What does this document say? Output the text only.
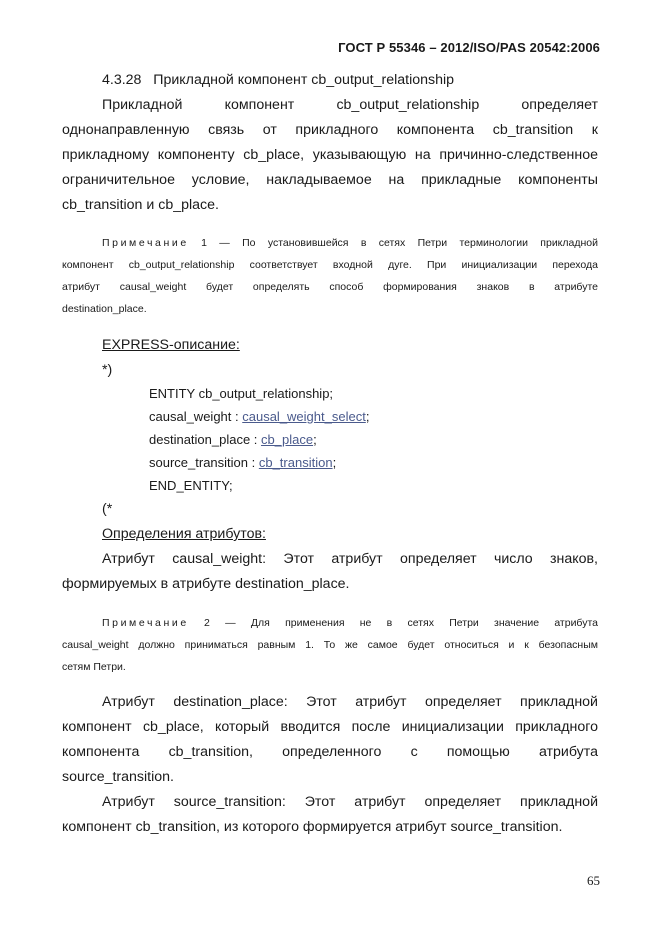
ГОСТ Р 55346 – 2012/ISO/PAS 20542:2006
4.3.28 Прикладной компонент cb_output_relationship
Прикладной компонент cb_output_relationship определяет
однонаправленную связь от прикладного компонента cb_transition к
прикладному компоненту cb_place, указывающую на причинно-следственное
ограничительное условие, накладываемое на прикладные компоненты
cb_transition и cb_place.
Примечание 1 — По установившейся в сетях Петри терминологии прикладной
компонент cb_output_relationship соответствует входной дуге. При инициализации перехода
атрибут causal_weight будет определять способ формирования знаков в атрибуте
destination_place.
EXPRESS-описание:
*)
ENTITY cb_output_relationship;
causal_weight : causal_weight_select;
destination_place : cb_place;
source_transition : cb_transition;
END_ENTITY;
(*
Определения атрибутов:
Атрибут causal_weight: Этот атрибут определяет число знаков,
формируемых в атрибуте destination_place.
Примечание 2 — Для применения не в сетях Петри значение атрибута
causal_weight должно приниматься равным 1. То же самое будет относиться и к безопасным
сетям Петри.
Атрибут destination_place: Этот атрибут определяет прикладной
компонент cb_place, который вводится после инициализации прикладного
компонента cb_transition, определенного с помощью атрибута
source_transition.
Атрибут source_transition: Этот атрибут определяет прикладной
компонент cb_transition, из которого формируется атрибут source_transition.
65
